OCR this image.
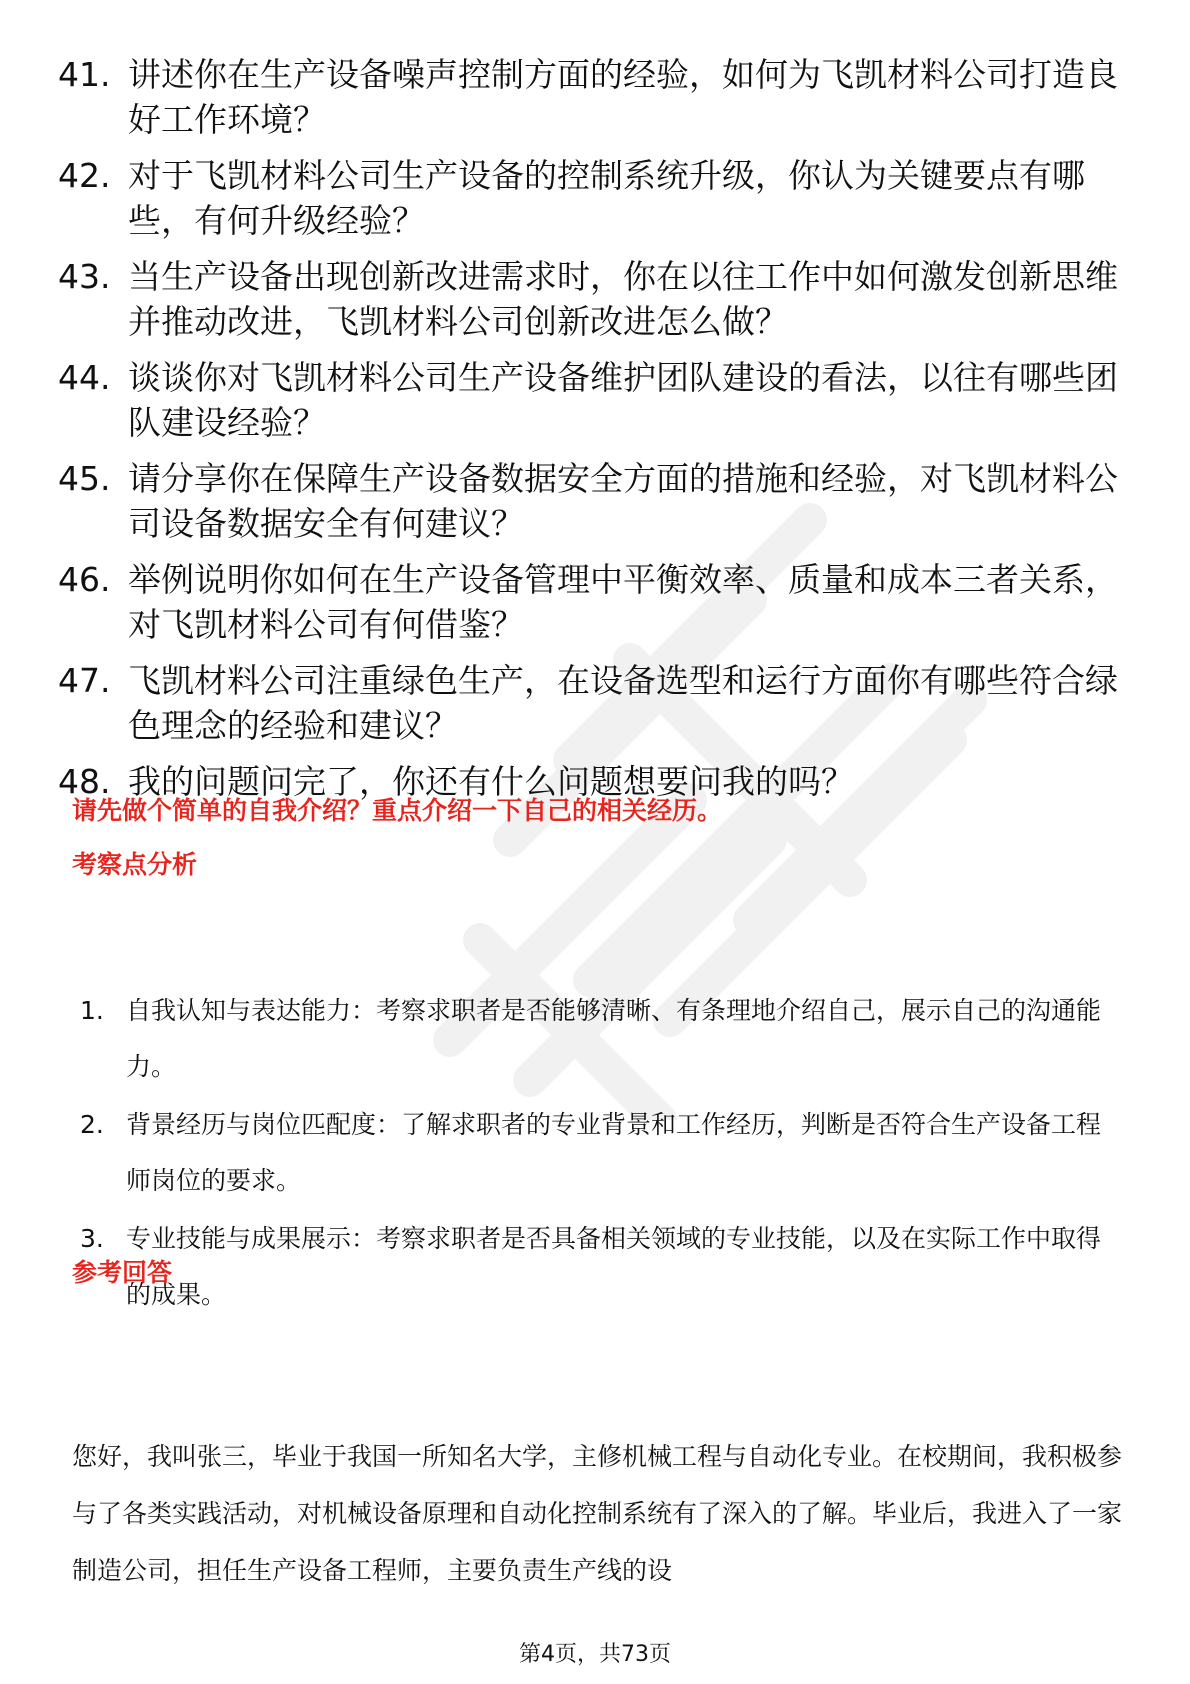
41. 讲述你在生产设备噪声控制方面的经验，如何为飞凯材料公司打造良好工作环境？
42. 对于飞凯材料公司生产设备的控制系统升级，你认为关键要点有哪些，有何升级经验？
43. 当生产设备出现创新改进需求时，你在以往工作中如何激发创新思维并推动改进，飞凯材料公司创新改进怎么做？
44. 谈谈你对飞凯材料公司生产设备维护团队建设的看法，以往有哪些团队建设经验？
45. 请分享你在保障生产设备数据安全方面的措施和经验，对飞凯材料公司设备数据安全有何建议？
46. 举例说明你如何在生产设备管理中平衡效率、质量和成本三者关系，对飞凯材料公司有何借鉴？
47. 飞凯材料公司注重绿色生产，在设备选型和运行方面你有哪些符合绿色理念的经验和建议？
48. 我的问题问完了，你还有什么问题想要问我的吗？

请先做个简单的自我介绍？重点介绍一下自己的相关经历。

考察点分析

1. 自我认知与表达能力：考察求职者是否能够清晰、有条理地介绍自己，展示自己的沟通能力。
2. 背景经历与岗位匹配度：了解求职者的专业背景和工作经历，判断是否符合生产设备工程师岗位的要求。
3. 专业技能与成果展示：考察求职者是否具备相关领域的专业技能，以及在实际工作中取得的成果。

参考回答

您好，我叫张三，毕业于我国一所知名大学，主修机械工程与自动化专业。在校期间，我积极参与了各类实践活动，对机械设备原理和自动化控制系统有了深入的了解。毕业后，我进入了一家制造公司，担任生产设备工程师，主要负责生产线的设

第4页，共73页
